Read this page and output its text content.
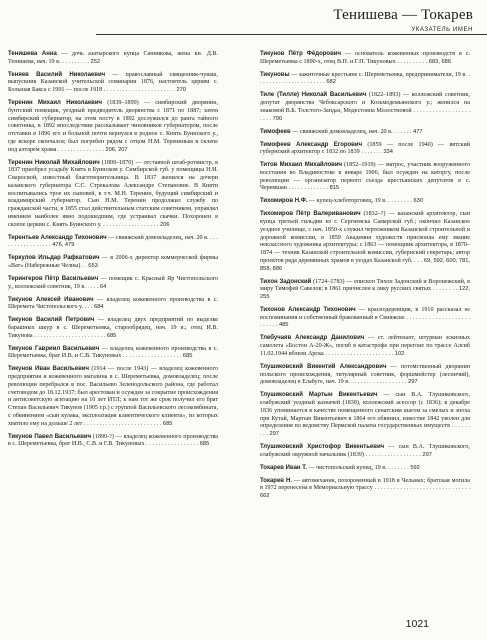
Тенишева — Токарев
УКАЗАТЕЛЬ ИМЕН

Тенишева Анна — дочь азатырского купца Санникова, жена кн. Д.В. Тенишева, нач. 19 в. . . . . . . . . . 252

Теняев Василий Николаевич — православный священник-чуваш, выпускник Казанской учительской семинарии 1876, настоятель церкви с. Большая Бакса с 1991 — после 1918 . . . . . . . . . . . . . . . . . . . . . . . 270

Теренин Михаил Николаевич (1839–1899) — симбирский дворянин, бунтский помещик, уездный предводитель дворянства с 1871 по 1887; затем симбирский губернатор, на этом посту в 1892 дослужился до ранга тайного советника, в 1892 впоследствии рассказывает чиновников губернатором, после отставки в 1896 его и больной почти вернулся в родное с. Княть Буинского у., где вскоре скончался; был погребен рядом с отцом Н.М. Терениным в склепе под алтарем храма . . . . . . . . . . . . . . . 206, 207

Теренин Николай Михайлович (1809–1870) — отставной штаб-ротмистр, в 1837 приобрел усадьбу Княть в Буинском у. Симбирской губ. у помещицы Н.И. Сваросиой, известный благотворительница. В 1837 женился на дочери казанского губернатора С.С. Стрекалова Александре Степановне. В Княти воспитывались трое их сыновей, в т.ч. М.Н. Теренин, будущий симбирский и владимирский губернатор. Сын Н.М. Теренин продолжил службу по гражданской части, в 1855 стал действительным статским советником, управлял имением наиболее явно подошедшим, где устраивал скачки. Похоронен в склепе церкви с. Княть Буинского у. . . . . . . . . . . . . . . . . . . 206

Терентьев Александр Тихонович — свияжский домовладелец, нач. 20 в. . . . . . . . . . . . . . . . . . 476, 479

Теркулов Ильдар Рафкатович — в 2006-х директор коммерческой фирмы «Ват» (Набережные Челны) . . 653

Терингеров Пётр Васильевич — помещик с. Красный Яр Чистопольского у., коллежский советник, 19 в. . . . . 64

Тикунов Алексей Иванович — владелец кожевенного производства в с. Шеремета Чистопольского у. . . . 684

Тикунов Василий Петрович — владелец двух предприятий по выделке барашных шкур в с. Шереметьевка, старообрядец, нач. 19 в.; отец И.В. Тикунова . . . . . . . . . . . . . . . . . . . . . . . 685

Тикунов Гавриил Васильевич — владелец кожевенного производства в с. Шереметьевка, брат И.В. и С.В. Тикуновых . . . . . . . . . . . . . . . . . . . 685

Тикунов Иван Васильевич (1914 — после 1943) — владелец кожевенного предприятия и кожевенного магазина в с. Шереметьевка, домовладелец; после революции перебрался в пос. Васильево Зеленодольского района, где работал счетоводом до 18.12.1937; был арестован и осужден за сокрытие происхождения и антисоветскую агитацию на 10 лет ИТЛ; к нам тот же срок получил его брат Степан Васильевич Тикунов (1905 г.р.) с группой Васильевского лесокомбината, с обвинением «сын кулака, эксплоатация клиентического клиента», из которых хватило ему на дольше 2 лет . . . . . . . . . . . . . . . . . . . . . . . . . 685

Тикунов Павел Васильевич (1890-?) — владелец кожевенного производства в с. Шереметьевка, брат И.В., С.В. и Г.В. Тикуновых . . . . . . . . . . . . . . . . . 685

Тикунов Пётр Фёдорович — основатель кожевенных производств в с. Шереметьевка с 1890-х, отец В.П. и Г.П. Тикуновых . . . . . . . . . . 683, 686

Тикуновы — зажиточные крестьяне с. Шереметьевка, предприниматели, 19 в. . . . . . . . . . . . . . . . . . . . . . . 682

Тиле (Тиллe) Николай Васильевич (1822–1893) — коллежский советник, депутат дворянства Чебоксарского и Козьмодемьянского у.; женился на знакомой В.Б. Толстого-Зандаэ, Модестовна Молостновой . . . . . . . . . . . . . . . . . . . . . . 790

Тимофеев — свияжский домовладелец, нач. 20 в. . . . . . . 477

Тимофеев Александр Егорович (1859 — после 1940) — вятский губернский архитектор с 1832 по 1839 . . . . . . . 334

Титов Михаил Михайлович (1852–1919) — матрос, участник вооруженного восстания во Владивостоке в январе 1906, был осужден на каторгу, после революции — организатор первого съезда крестьянских депутатов в с. Черемшан . . . . . . . . . . . . . 815

Тихомиров Н.Ф. — купец-хлеботорговец, 19 в. . . . . . . . . 630

Тихомиров Пётр Валериванович (1832–?) — казанский архитектор, сын купца третьей гильдии из г. Сергиевска Самарской губ.; окончил Казанское уездное училище, с нач. 1850-х служил чертежником Казанской строительной и дорожной комиссии, в 1859 Академия художеств присвоила ему звание неклассного художника архитектуры; с 1863 — помощник архитектора, в 1870–1874 — техник Казанской строительной комиссии, губернский секретарь; автор проектов ряда деревянных храмов в уездах Казанской губ. . . . 69, 592, 600, 781, 858, 886

Тихон Задонский (1724–1783) — епископ Тихон Задонский и Воронежский, в миру Тимофей Савелов; в 1861 причислен к лику русских святых . . . . . . . . 122, 255

Тихонов Александр Тихонович — краснодеревщик, в 1910 рассказал ее воспоминания и собственный бракованный в Свияжске . . . . . . . . . . . . . . . . . . . . . . . . . . 485

Тлебучаяв Александр Данилович — ст. лейтенант, штурман эскизных самолета «Бостон А-20-Ж», погиб в катастрофе при перегоне по трассе Алсиб 11.02.1944 вблизи Арска . . . . . . . . . . . . . . . . . . . . . . 102

Тлушиковский Викентий Александрович — потомственный дворянин польского происхождения, титулярный советник, форшмейстер (лесничий), домовладелец в Елабуге, нач. 19 в. . . . . . . . . . . . . . . . . . . 297

Тлушиковский Мартын Викентьевич — сын В.А. Тлушиковского, елабужский уездный казначей (1838), коллежский асессор (с 1836); в декабре 1836 упоминается в качестве помещенного сенатским шагом за смелых и эпоха при Кутай, Мартын Викентьевич в 1864 его обвинил, известие 1842 уволен для определения по ведомству Пермской палаты государственных имуществ . . . . . . . . . 297

Тлушиковский Христофор Викентьевич — сын В.А. Тлушиковского, елабужский окружной начальник (1839) . . . . . . . . . . . . . . . . . . 297

Токарев Иван Т. — чистопольский купец, 19 в. . . . . . . . 592

Токарев Н. — автомеханик, похороненный в 1918 в Чельмах; братская могила в 1972 перенесена в Мемориальную трассу . . . . . . . . . . . . . . . . . . . . . . . . . . . . . . 662

1021
